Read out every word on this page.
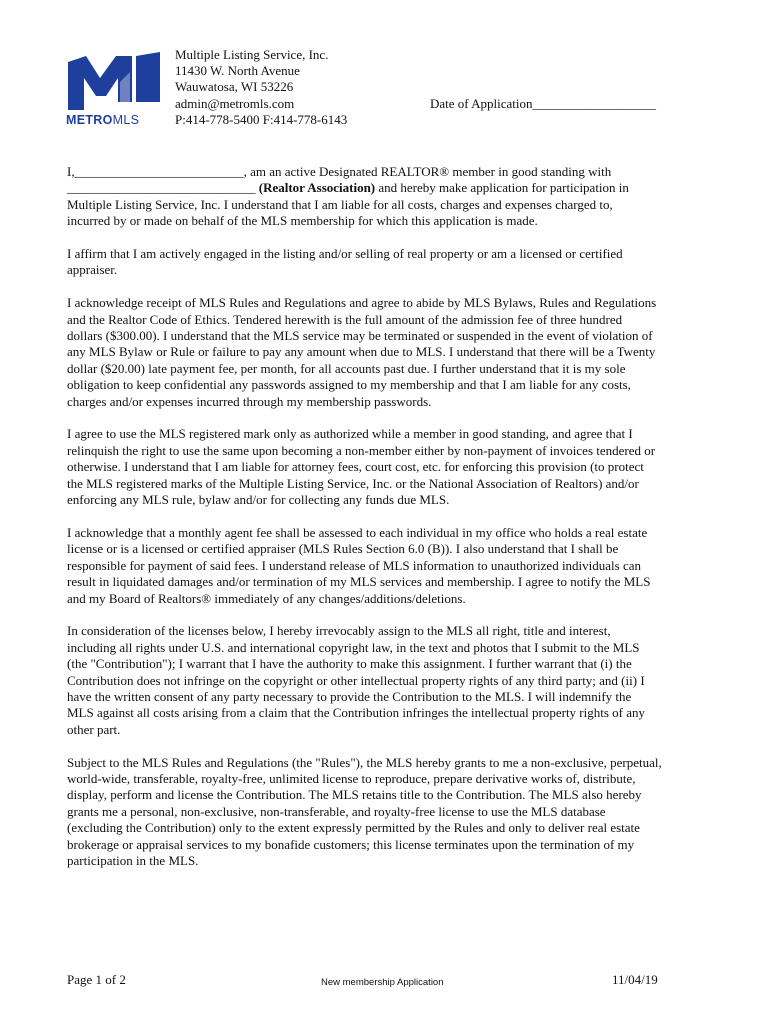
METROMLS
Multiple Listing Service, Inc.
11430 W. North Avenue
Wauwatosa, WI 53226
admin@metromls.com
P:414-778-5400 F:414-778-6143
Date of Application___________________

I,__________________________, am an active Designated REALTOR® member in good standing with
_____________________________ (Realtor Association) and hereby make application for participation in
Multiple Listing Service, Inc. I understand that I am liable for all costs, charges and expenses charged to,
incurred by or made on behalf of the MLS membership for which this application is made.

I affirm that I am actively engaged in the listing and/or selling of real property or am a licensed or certified
appraiser.

I acknowledge receipt of MLS Rules and Regulations and agree to abide by MLS Bylaws, Rules and Regulations
and the Realtor Code of Ethics. Tendered herewith is the full amount of the admission fee of three hundred
dollars ($300.00). I understand that the MLS service may be terminated or suspended in the event of violation of
any MLS Bylaw or Rule or failure to pay any amount when due to MLS. I understand that there will be a Twenty
dollar ($20.00) late payment fee, per month, for all accounts past due. I further understand that it is my sole
obligation to keep confidential any passwords assigned to my membership and that I am liable for any costs,
charges and/or expenses incurred through my membership passwords.

I agree to use the MLS registered mark only as authorized while a member in good standing, and agree that I
relinquish the right to use the same upon becoming a non-member either by non-payment of invoices tendered or
otherwise. I understand that I am liable for attorney fees, court cost, etc. for enforcing this provision (to protect
the MLS registered marks of the Multiple Listing Service, Inc. or the National Association of Realtors) and/or
enforcing any MLS rule, bylaw and/or for collecting any funds due MLS.

I acknowledge that a monthly agent fee shall be assessed to each individual in my office who holds a real estate
license or is a licensed or certified appraiser (MLS Rules Section 6.0 (B)). I also understand that I shall be
responsible for payment of said fees. I understand release of MLS information to unauthorized individuals can
result in liquidated damages and/or termination of my MLS services and membership. I agree to notify the MLS
and my Board of Realtors® immediately of any changes/additions/deletions.

In consideration of the licenses below, I hereby irrevocably assign to the MLS all right, title and interest,
including all rights under U.S. and international copyright law, in the text and photos that I submit to the MLS
(the "Contribution"); I warrant that I have the authority to make this assignment. I further warrant that (i) the
Contribution does not infringe on the copyright or other intellectual property rights of any third party; and (ii) I
have the written consent of any party necessary to provide the Contribution to the MLS. I will indemnify the
MLS against all costs arising from a claim that the Contribution infringes the intellectual property rights of any
other part.

Subject to the MLS Rules and Regulations (the "Rules"), the MLS hereby grants to me a non-exclusive, perpetual,
world-wide, transferable, royalty-free, unlimited license to reproduce, prepare derivative works of, distribute,
display, perform and license the Contribution. The MLS retains title to the Contribution. The MLS also hereby
grants me a personal, non-exclusive, non-transferable, and royalty-free license to use the MLS database
(excluding the Contribution) only to the extent expressly permitted by the Rules and only to deliver real estate
brokerage or appraisal services to my bonafide customers; this license terminates upon the termination of my
participation in the MLS.

Page 1 of 2	New membership Application	11/04/19
